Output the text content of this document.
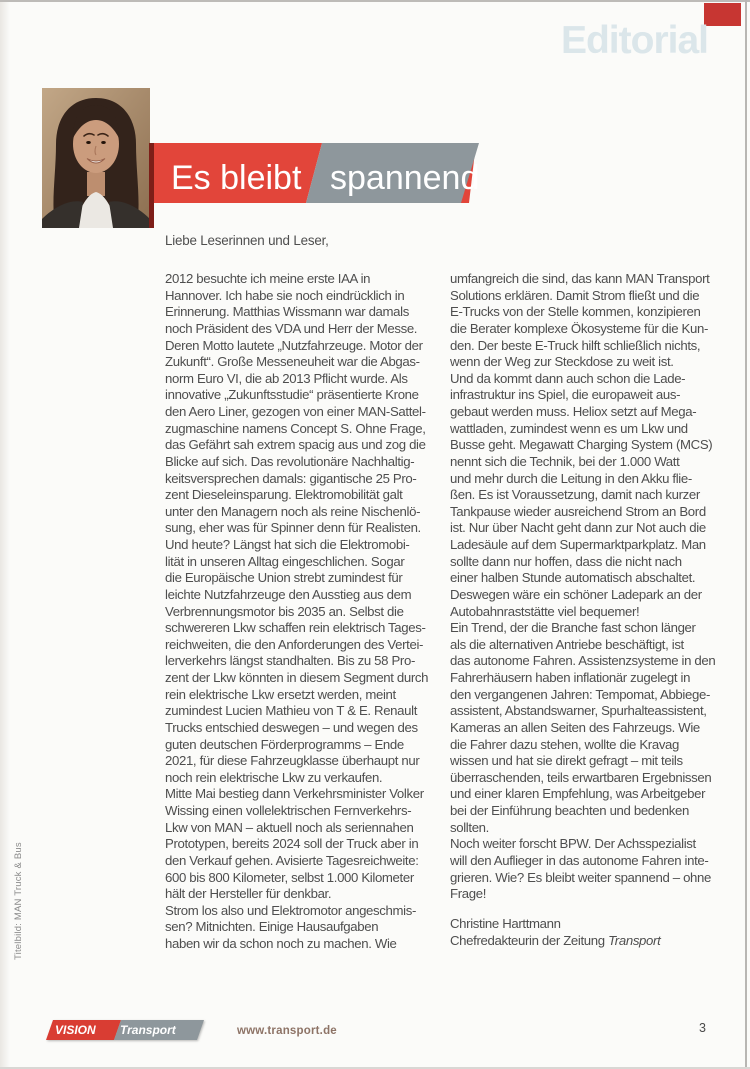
Editorial
Es bleibt spannend
Liebe Leserinnen und Leser,
2012 besuchte ich meine erste IAA in
Hannover. Ich habe sie noch eindrücklich in
Erinnerung. Matthias Wissmann war damals
noch Präsident des VDA und Herr der Messe.
Deren Motto lautete „Nutzfahrzeuge. Motor der
Zukunft“. Große Messeneuheit war die Abgas-
norm Euro VI, die ab 2013 Pflicht wurde. Als
innovative „Zukunftsstudie“ präsentierte Krone
den Aero Liner, gezogen von einer MAN-Sattel-
zugmaschine namens Concept S. Ohne Frage,
das Gefährt sah extrem spacig aus und zog die
Blicke auf sich. Das revolutionäre Nachhaltig-
keitsversprechen damals: gigantische 25 Pro-
zent Dieseleinsparung. Elektromobilität galt
unter den Managern noch als reine Nischenlö-
sung, eher was für Spinner denn für Realisten.
Und heute? Längst hat sich die Elektromobi-
lität in unseren Alltag eingeschlichen. Sogar
die Europäische Union strebt zumindest für
leichte Nutzfahrzeuge den Ausstieg aus dem
Verbrennungsmotor bis 2035 an. Selbst die
schwereren Lkw schaffen rein elektrisch Tages-
reichweiten, die den Anforderungen des Vertei-
lerverkehrs längst standhalten. Bis zu 58 Pro-
zent der Lkw könnten in diesem Segment durch
rein elektrische Lkw ersetzt werden, meint
zumindest Lucien Mathieu von T & E. Renault
Trucks entschied deswegen – und wegen des
guten deutschen Förderprogramms – Ende
2021, für diese Fahrzeugklasse überhaupt nur
noch rein elektrische Lkw zu verkaufen.
Mitte Mai bestieg dann Verkehrsminister Volker
Wissing einen vollelektrischen Fernverkehrs-
Lkw von MAN – aktuell noch als seriennahen
Prototypen, bereits 2024 soll der Truck aber in
den Verkauf gehen. Avisierte Tagesreichweite:
600 bis 800 Kilometer, selbst 1.000 Kilometer
hält der Hersteller für denkbar.
Strom los also und Elektromotor angeschmis-
sen? Mitnichten. Einige Hausaufgaben
haben wir da schon noch zu machen. Wie
umfangreich die sind, das kann MAN Transport
Solutions erklären. Damit Strom fließt und die
E-Trucks von der Stelle kommen, konzipieren
die Berater komplexe Ökosysteme für die Kun-
den. Der beste E-Truck hilft schließlich nichts,
wenn der Weg zur Steckdose zu weit ist.
Und da kommt dann auch schon die Lade-
infrastruktur ins Spiel, die europaweit aus-
gebaut werden muss. Heliox setzt auf Mega-
wattladen, zumindest wenn es um Lkw und
Busse geht. Megawatt Charging System (MCS)
nennt sich die Technik, bei der 1.000 Watt
und mehr durch die Leitung in den Akku flie-
ßen. Es ist Voraussetzung, damit nach kurzer
Tankpause wieder ausreichend Strom an Bord
ist. Nur über Nacht geht dann zur Not auch die
Ladesäule auf dem Supermarktparkplatz. Man
sollte dann nur hoffen, dass die nicht nach
einer halben Stunde automatisch abschaltet.
Deswegen wäre ein schöner Ladepark an der
Autobahnraststätte viel bequemer!
Ein Trend, der die Branche fast schon länger
als die alternativen Antriebe beschäftigt, ist
das autonome Fahren. Assistenzsysteme in den
Fahrerhäusern haben inflationär zugelegt in
den vergangenen Jahren: Tempomat, Abbiege-
assistent, Abstandswarner, Spurhalteassistent,
Kameras an allen Seiten des Fahrzeugs. Wie
die Fahrer dazu stehen, wollte die Kravag
wissen und hat sie direkt gefragt – mit teils
überraschenden, teils erwartbaren Ergebnissen
und einer klaren Empfehlung, was Arbeitgeber
bei der Einführung beachten und bedenken
sollten.
Noch weiter forscht BPW. Der Achsspezialist
will den Auflieger in das autonome Fahren inte-
grieren. Wie? Es bleibt weiter spannend – ohne
Frage!
Christine Harttmann
Chefredakteurin der Zeitung Transport
Titelbild: MAN Truck & Bus
VISION Transport	www.transport.de	3
